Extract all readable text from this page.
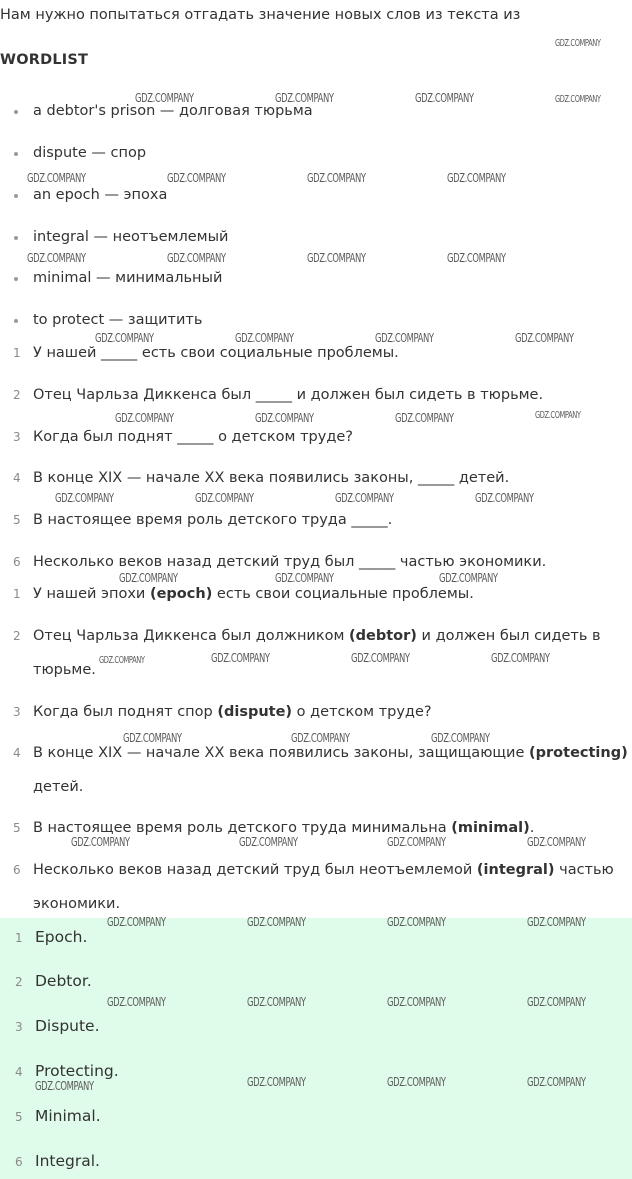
Нам нужно попытаться отгадать значение новых слов из текста из
WORDLIST
a debtor's prison — долговая тюрьма
dispute — спор
an epoch — эпоха
integral — неотъемлемый
minimal — минимальный
to protect — защитить
1 У нашей _____ есть свои социальные проблемы.
2 Отец Чарльза Диккенса был _____ и должен был сидеть в тюрьме.
3 Когда был поднят _____ о детском труде?
4 В конце XIX — начале XX века появились законы, _____ детей.
5 В настоящее время роль детского труда _____.
6 Несколько веков назад детский труд был _____ частью экономики.
1 У нашей эпохи (epoch) есть свои социальные проблемы.
2 Отец Чарльза Диккенса был должником (debtor) и должен был сидеть в тюрьме.
3 Когда был поднят спор (dispute) о детском труде?
4 В конце XIX — начале XX века появились законы, защищающие (protecting) детей.
5 В настоящее время роль детского труда минимальна (minimal).
6 Несколько веков назад детский труд был неотъемлемой (integral) частью экономики.
1 Epoch.
2 Debtor.
3 Dispute.
4 Protecting.
5 Minimal.
6 Integral.
GDZ.COMPANY
GDZ.COMPANY	GDZ.COMPANY	GDZ.COMPANY	GDZ.COMPANY
GDZ.COMPANY	GDZ.COMPANY	GDZ.COMPANY	GDZ.COMPANY
GDZ.COMPANY	GDZ.COMPANY	GDZ.COMPANY	GDZ.COMPANY
GDZ.COMPANY	GDZ.COMPANY	GDZ.COMPANY	GDZ.COMPANY
GDZ.COMPANY	GDZ.COMPANY	GDZ.COMPANY	GDZ.COMPANY
GDZ.COMPANY	GDZ.COMPANY	GDZ.COMPANY	GDZ.COMPANY
GDZ.COMPANY	GDZ.COMPANY	GDZ.COMPANY
GDZ.COMPANY	GDZ.COMPANY	GDZ.COMPANY	GDZ.COMPANY
GDZ.COMPANY	GDZ.COMPANY	GDZ.COMPANY
GDZ.COMPANY	GDZ.COMPANY	GDZ.COMPANY	GDZ.COMPANY
GDZ.COMPANY	GDZ.COMPANY	GDZ.COMPANY	GDZ.COMPANY
GDZ.COMPANY	GDZ.COMPANY	GDZ.COMPANY	GDZ.COMPANY
GDZ.COMPANY	GDZ.COMPANY	GDZ.COMPANY	GDZ.COMPANY
